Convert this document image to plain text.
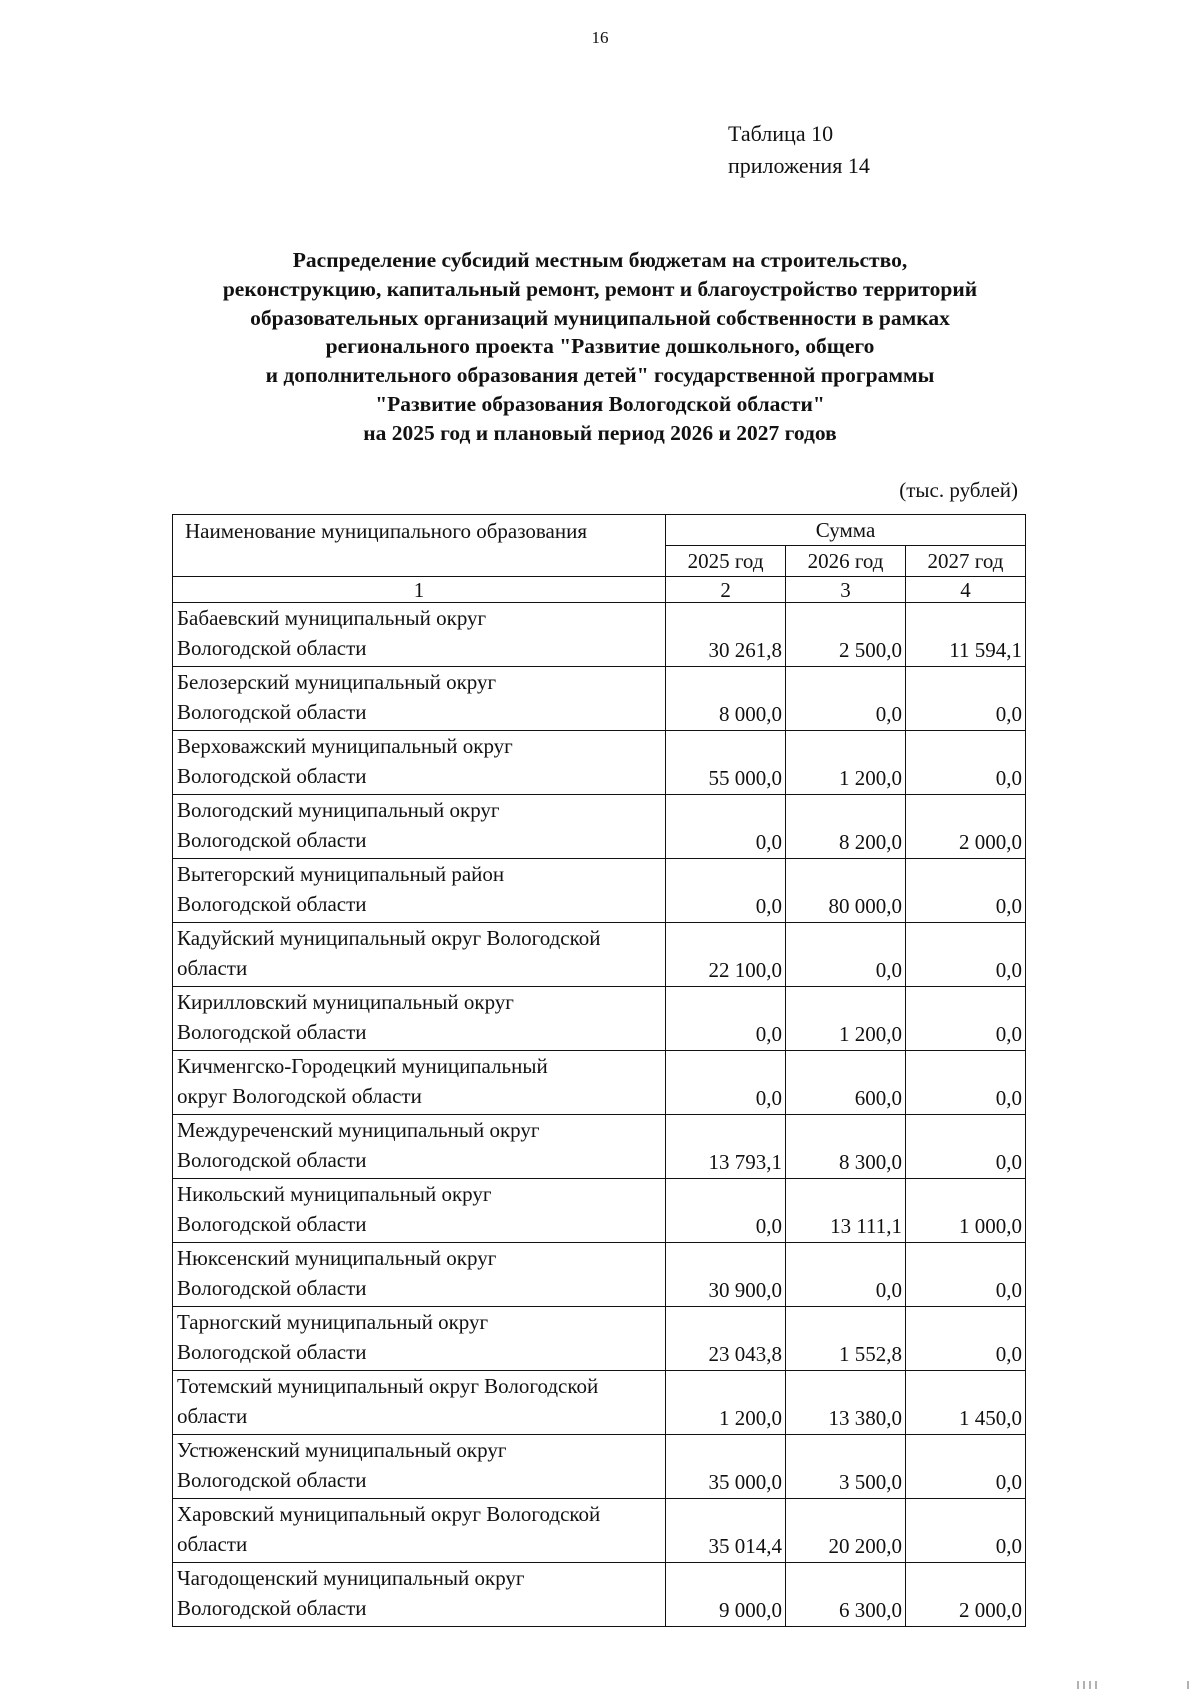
16
Таблица 10
приложения 14
Распределение субсидий местным бюджетам на строительство,
реконструкцию, капитальный ремонт, ремонт и благоустройство территорий
образовательных организаций муниципальной собственности в рамках
регионального проекта "Развитие дошкольного, общего
и дополнительного образования детей" государственной программы
"Развитие образования Вологодской области"
на 2025 год и плановый период 2026 и 2027 годов
(тыс. рублей)
Наименование муниципального образования	Сумма		
	2025 год	2026 год	2027 год
1	2	3	4

Бабаевский муниципальный округ
Вологодской области	30 261,8	2 500,0	11 594,1

Белозерский муниципальный округ
Вологодской области	8 000,0	0,0	0,0

Верховажский муниципальный округ
Вологодской области	55 000,0	1 200,0	0,0

Вологодский муниципальный округ
Вологодской области	0,0	8 200,0	2 000,0

Вытегорский муниципальный район
Вологодской области	0,0	80 000,0	0,0

Кадуйский муниципальный округ Вологодской
области	22 100,0	0,0	0,0

Кирилловский муниципальный округ
Вологодской области	0,0	1 200,0	0,0

Кичменгско-Городецкий муниципальный
округ Вологодской области	0,0	600,0	0,0

Междуреченский муниципальный округ
Вологодской области	13 793,1	8 300,0	0,0

Никольский муниципальный округ
Вологодской области	0,0	13 111,1	1 000,0

Нюксенский муниципальный округ
Вологодской области	30 900,0	0,0	0,0

Тарногский муниципальный округ
Вологодской области	23 043,8	1 552,8	0,0

Тотемский муниципальный округ Вологодской
области	1 200,0	13 380,0	1 450,0

Устюженский муниципальный округ
Вологодской области	35 000,0	3 500,0	0,0

Харовский муниципальный округ Вологодской
области	35 014,4	20 200,0	0,0

Чагодощенский муниципальный округ
Вологодской области	9 000,0	6 300,0	2 000,0
